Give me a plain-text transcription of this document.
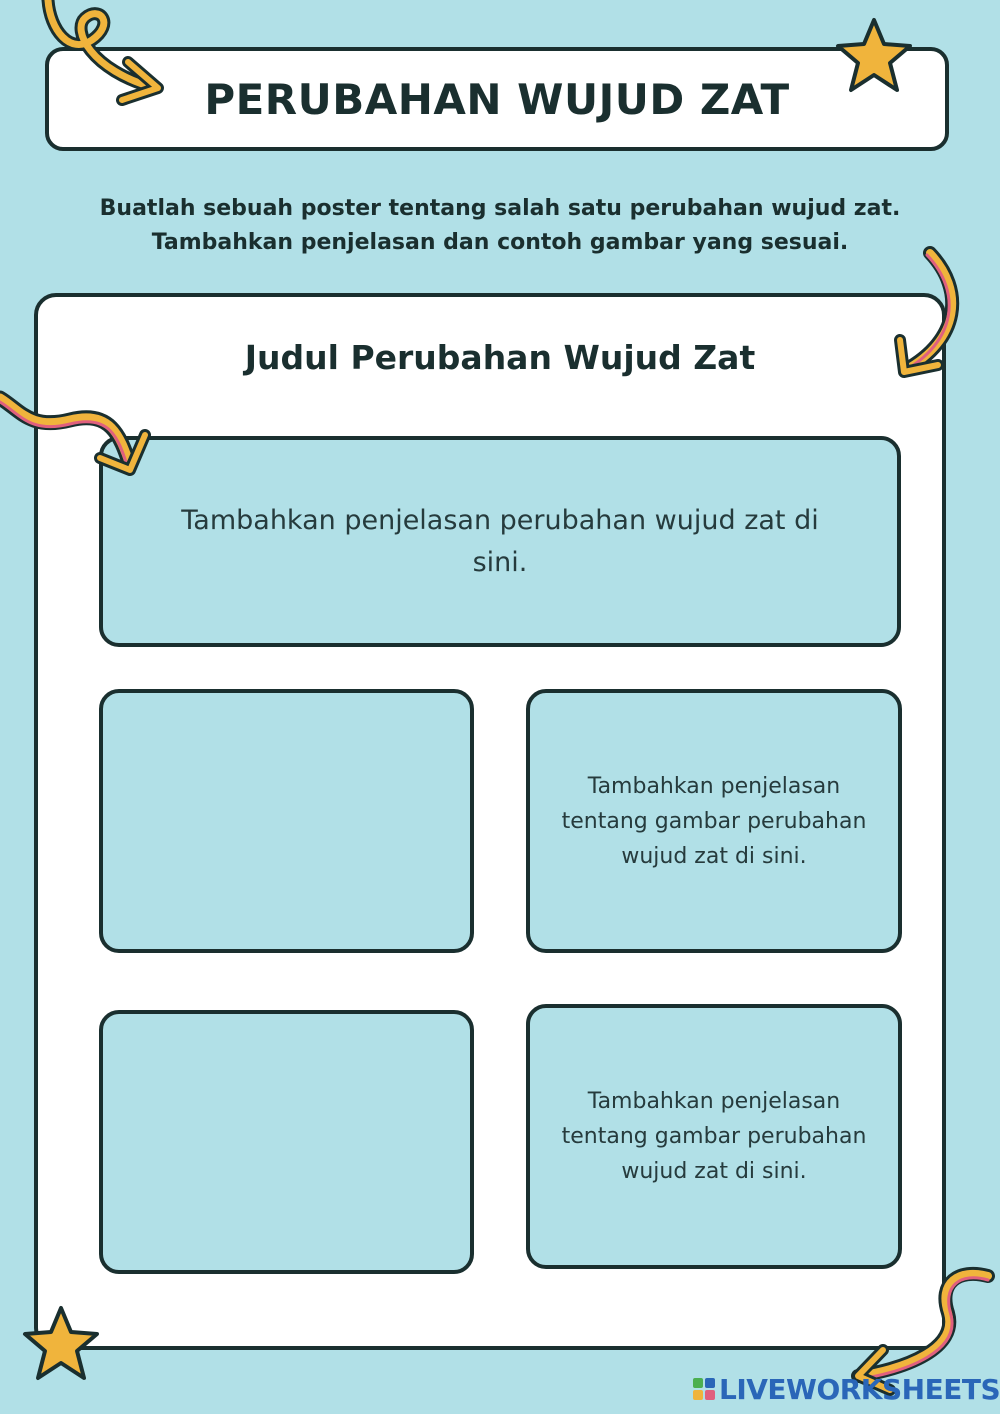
PERUBAHAN WUJUD ZAT
Buatlah sebuah poster tentang salah satu perubahan wujud zat.
Tambahkan penjelasan dan contoh gambar yang sesuai.
Judul Perubahan Wujud Zat
Tambahkan penjelasan perubahan wujud zat di sini.
Tambahkan penjelasan tentang gambar perubahan wujud zat di sini.
Tambahkan penjelasan tentang gambar perubahan wujud zat di sini.
LIVEWORKSHEETS
